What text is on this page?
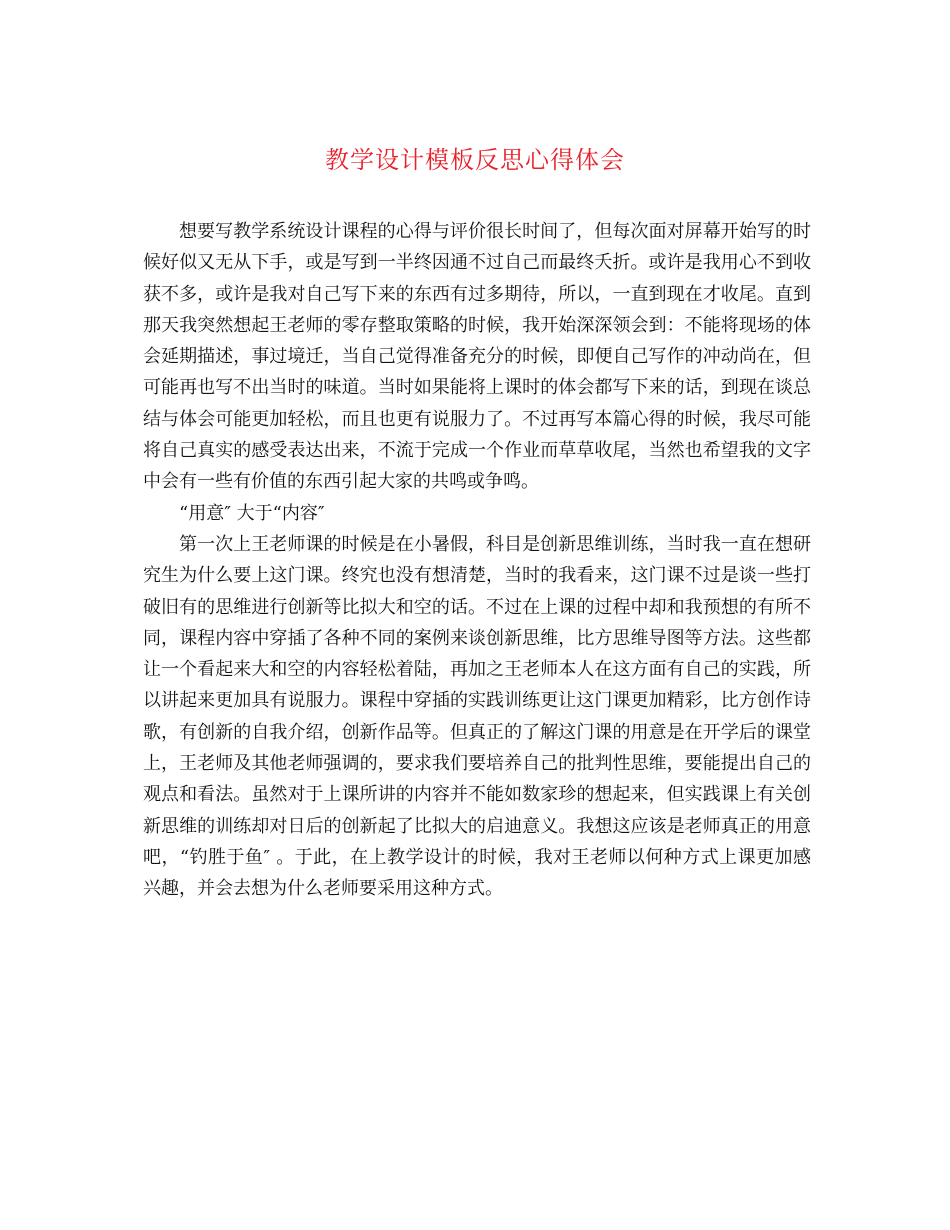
教学设计模板反思心得体会

想要写教学系统设计课程的心得与评价很长时间了，但每次面对屏幕开始写的时候好似又无从下手，或是写到一半终因通不过自己而最终夭折。或许是我用心不到收获不多，或许是我对自己写下来的东西有过多期待，所以，一直到现在才收尾。直到那天我突然想起王老师的零存整取策略的时候，我开始深深领会到：不能将现场的体会延期描述，事过境迁，当自己觉得准备充分的时候，即便自己写作的冲动尚在，但可能再也写不出当时的味道。当时如果能将上课时的体会都写下来的话，到现在谈总结与体会可能更加轻松，而且也更有说服力了。不过再写本篇心得的时候，我尽可能将自己真实的感受表达出来，不流于完成一个作业而草草收尾，当然也希望我的文字中会有一些有价值的东西引起大家的共鸣或争鸣。

“用意″ 大于“内容″

第一次上王老师课的时候是在小暑假，科目是创新思维训练，当时我一直在想研究生为什么要上这门课。终究也没有想清楚，当时的我看来，这门课不过是谈一些打破旧有的思维进行创新等比拟大和空的话。不过在上课的过程中却和我预想的有所不同，课程内容中穿插了各种不同的案例来谈创新思维，比方思维导图等方法。这些都让一个看起来大和空的内容轻松着陆，再加之王老师本人在这方面有自己的实践，所以讲起来更加具有说服力。课程中穿插的实践训练更让这门课更加精彩，比方创作诗歌，有创新的自我介绍，创新作品等。但真正的了解这门课的用意是在开学后的课堂上，王老师及其他老师强调的，要求我们要培养自己的批判性思维，要能提出自己的观点和看法。虽然对于上课所讲的内容并不能如数家珍的想起来，但实践课上有关创新思维的训练却对日后的创新起了比拟大的启迪意义。我想这应该是老师真正的用意吧，“钓胜于鱼″ 。于此，在上教学设计的时候，我对王老师以何种方式上课更加感兴趣，并会去想为什么老师要采用这种方式。
